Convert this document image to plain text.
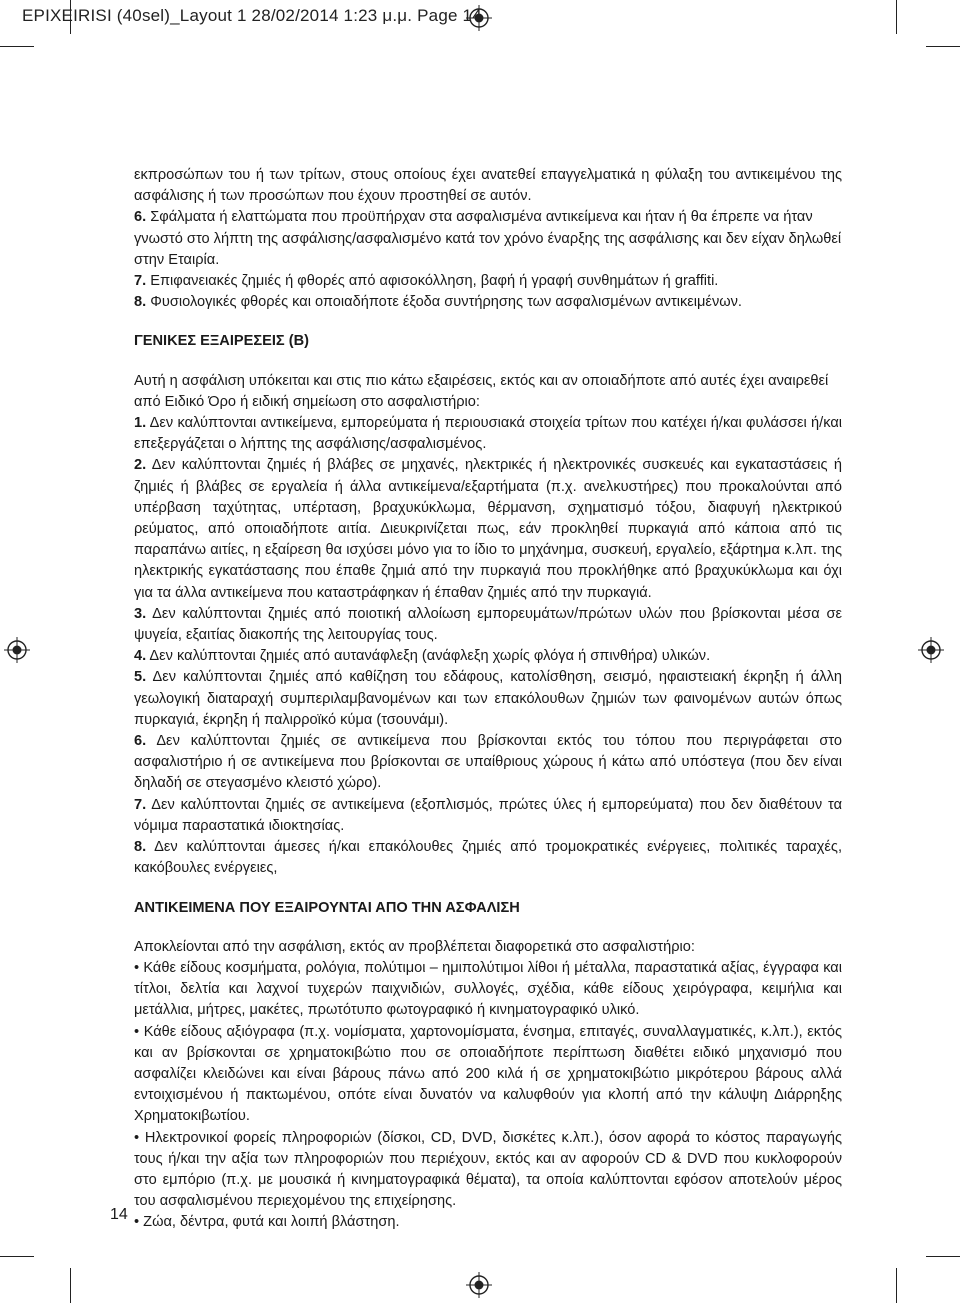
EPIXEIRISI (40sel)_Layout 1 28/02/2014 1:23 μ.μ. Page 14

εκπροσώπων του ή των τρίτων, στους οποίους έχει ανατεθεί επαγγελματικά η φύλαξη του αντικειμένου της ασφάλισης ή των προσώπων που έχουν προστηθεί σε αυτόν.

6. Σφάλματα ή ελαττώματα που προϋπήρχαν στα ασφαλισμένα αντικείμενα και ήταν ή θα έπρεπε να ήταν γνωστό στο λήπτη της ασφάλισης/ασφαλισμένο κατά τον χρόνο έναρξης της ασφάλισης και δεν είχαν δηλωθεί στην Εταιρία.

7. Επιφανειακές ζημιές ή φθορές από αφισοκόλληση, βαφή ή γραφή συνθημάτων ή graffiti.

8. Φυσιολογικές φθορές και οποιαδήποτε έξοδα συντήρησης των ασφαλισμένων αντικειμένων.

ΓΕΝΙΚΕΣ ΕΞΑΙΡΕΣΕΙΣ (Β)

Αυτή η ασφάλιση υπόκειται και στις πιο κάτω εξαιρέσεις, εκτός και αν οποιαδήποτε από αυτές έχει αναιρεθεί από Ειδικό Όρο ή ειδική σημείωση στο ασφαλιστήριο:

1. Δεν καλύπτονται αντικείμενα, εμπορεύματα ή περιουσιακά στοιχεία τρίτων που κατέχει ή/και φυλάσσει ή/και επεξεργάζεται ο λήπτης της ασφάλισης/ασφαλισμένος.

2. Δεν καλύπτονται ζημιές ή βλάβες σε μηχανές, ηλεκτρικές ή ηλεκτρονικές συσκευές και εγκαταστάσεις ή ζημιές ή βλάβες σε εργαλεία ή άλλα αντικείμενα/εξαρτήματα (π.χ. ανελκυστήρες) που προκαλούνται από υπέρβαση ταχύτητας, υπέρταση, βραχυκύκλωμα, θέρμανση, σχηματισμό τόξου, διαφυγή ηλεκτρικού ρεύματος, από οποιαδήποτε αιτία. Διευκρινίζεται πως, εάν προκληθεί πυρκαγιά από κάποια από τις παραπάνω αιτίες, η εξαίρεση θα ισχύσει μόνο για το ίδιο το μηχάνημα, συσκευή, εργαλείο, εξάρτημα κ.λπ. της ηλεκτρικής εγκατάστασης που έπαθε ζημιά από την πυρκαγιά που προκλήθηκε από βραχυκύκλωμα και όχι για τα άλλα αντικείμενα που καταστράφηκαν ή έπαθαν ζημιές από την πυρκαγιά.

3. Δεν καλύπτονται ζημιές από ποιοτική αλλοίωση εμπορευμάτων/πρώτων υλών που βρίσκονται μέσα σε ψυγεία, εξαιτίας διακοπής της λειτουργίας τους.

4. Δεν καλύπτονται ζημιές από αυτανάφλεξη (ανάφλεξη χωρίς φλόγα ή σπινθήρα) υλικών.

5. Δεν καλύπτονται ζημιές από καθίζηση του εδάφους, κατολίσθηση, σεισμό, ηφαιστειακή έκρηξη ή άλλη γεωλογική διαταραχή συμπεριλαμβανομένων και των επακόλουθων ζημιών των φαινομένων αυτών όπως πυρκαγιά, έκρηξη ή παλιρροϊκό κύμα (τσουνάμι).

6. Δεν καλύπτονται ζημιές σε αντικείμενα που βρίσκονται εκτός του τόπου που περιγράφεται στο ασφαλιστήριο ή σε αντικείμενα που βρίσκονται σε υπαίθριους χώρους ή κάτω από υπόστεγα (που δεν είναι δηλαδή σε στεγασμένο κλειστό χώρο).

7. Δεν καλύπτονται ζημιές σε αντικείμενα (εξοπλισμός, πρώτες ύλες ή εμπορεύματα) που δεν διαθέτουν τα νόμιμα παραστατικά ιδιοκτησίας.

8. Δεν καλύπτονται άμεσες ή/και επακόλουθες ζημιές από τρομοκρατικές ενέργειες, πολιτικές ταραχές, κακόβουλες ενέργειες,

ΑΝΤΙΚΕΙΜΕΝΑ ΠΟΥ ΕΞΑΙΡΟΥΝΤΑΙ ΑΠΟ ΤΗΝ ΑΣΦΑΛΙΣΗ

Αποκλείονται από την ασφάλιση, εκτός αν προβλέπεται διαφορετικά στο ασφαλιστήριο:

• Κάθε είδους κοσμήματα, ρολόγια, πολύτιμοι – ημιπολύτιμοι λίθοι ή μέταλλα, παραστατικά αξίας, έγγραφα και τίτλοι, δελτία και λαχνοί τυχερών παιχνιδιών, συλλογές, σχέδια, κάθε είδους χειρόγραφα, κειμήλια και μετάλλια, μήτρες, μακέτες, πρωτότυπο φωτογραφικό ή κινηματογραφικό υλικό.

• Κάθε είδους αξιόγραφα (π.χ. νομίσματα, χαρτονομίσματα, ένσημα, επιταγές, συναλλαγματικές, κ.λπ.), εκτός και αν βρίσκονται σε χρηματοκιβώτιο που σε οποιαδήποτε περίπτωση διαθέτει ειδικό μηχανισμό που ασφαλίζει κλειδώνει και είναι βάρους πάνω από 200 κιλά ή σε χρηματοκιβώτιο μικρότερου βάρους αλλά εντοιχισμένου ή πακτωμένου, οπότε είναι δυνατόν να καλυφθούν για κλοπή από την κάλυψη Διάρρηξης Χρηματοκιβωτίου.

• Ηλεκτρονικοί φορείς πληροφοριών (δίσκοι, CD, DVD, δισκέτες κ.λπ.), όσον αφορά το κόστος παραγωγής τους ή/και την αξία των πληροφοριών που περιέχουν, εκτός και αν αφορούν CD & DVD που κυκλοφορούν στο εμπόριο (π.χ. με μουσικά ή κινηματογραφικά θέματα), τα οποία καλύπτονται εφόσον αποτελούν μέρος του ασφαλισμένου περιεχομένου της επιχείρησης.

• Ζώα, δέντρα, φυτά και λοιπή βλάστηση.

14
